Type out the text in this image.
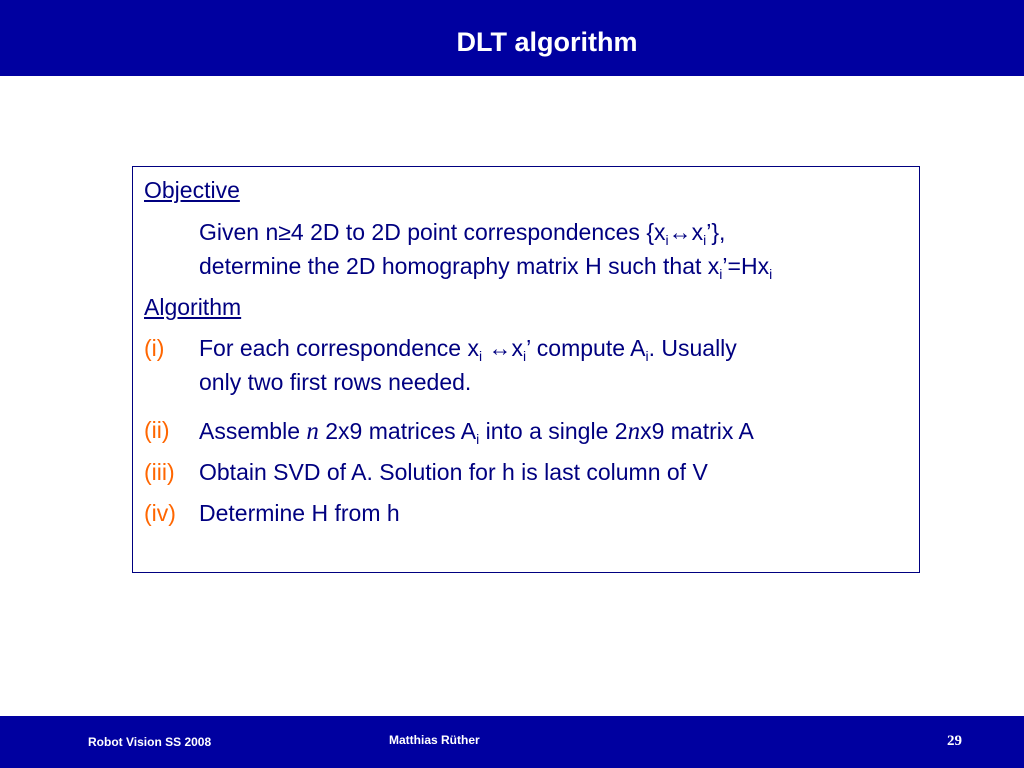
DLT algorithm
Objective
Given n≥4 2D to 2D point correspondences $\{x_i\leftrightarrow x_i’\}$,
determine the 2D homography matrix H such that $x_i’=Hx_i$
Algorithm
(i) For each correspondence $x_i$ $\leftrightarrow x_i$’ compute $A_i$. Usually
only two first rows needed.
(ii) Assemble n 2x9 matrices $A_i$ into a single 2nx9 matrix A
(iii) Obtain SVD of A. Solution for h is last column of V
(iv) Determine H from h
Robot Vision SS 2008	Matthias Rüther	29
